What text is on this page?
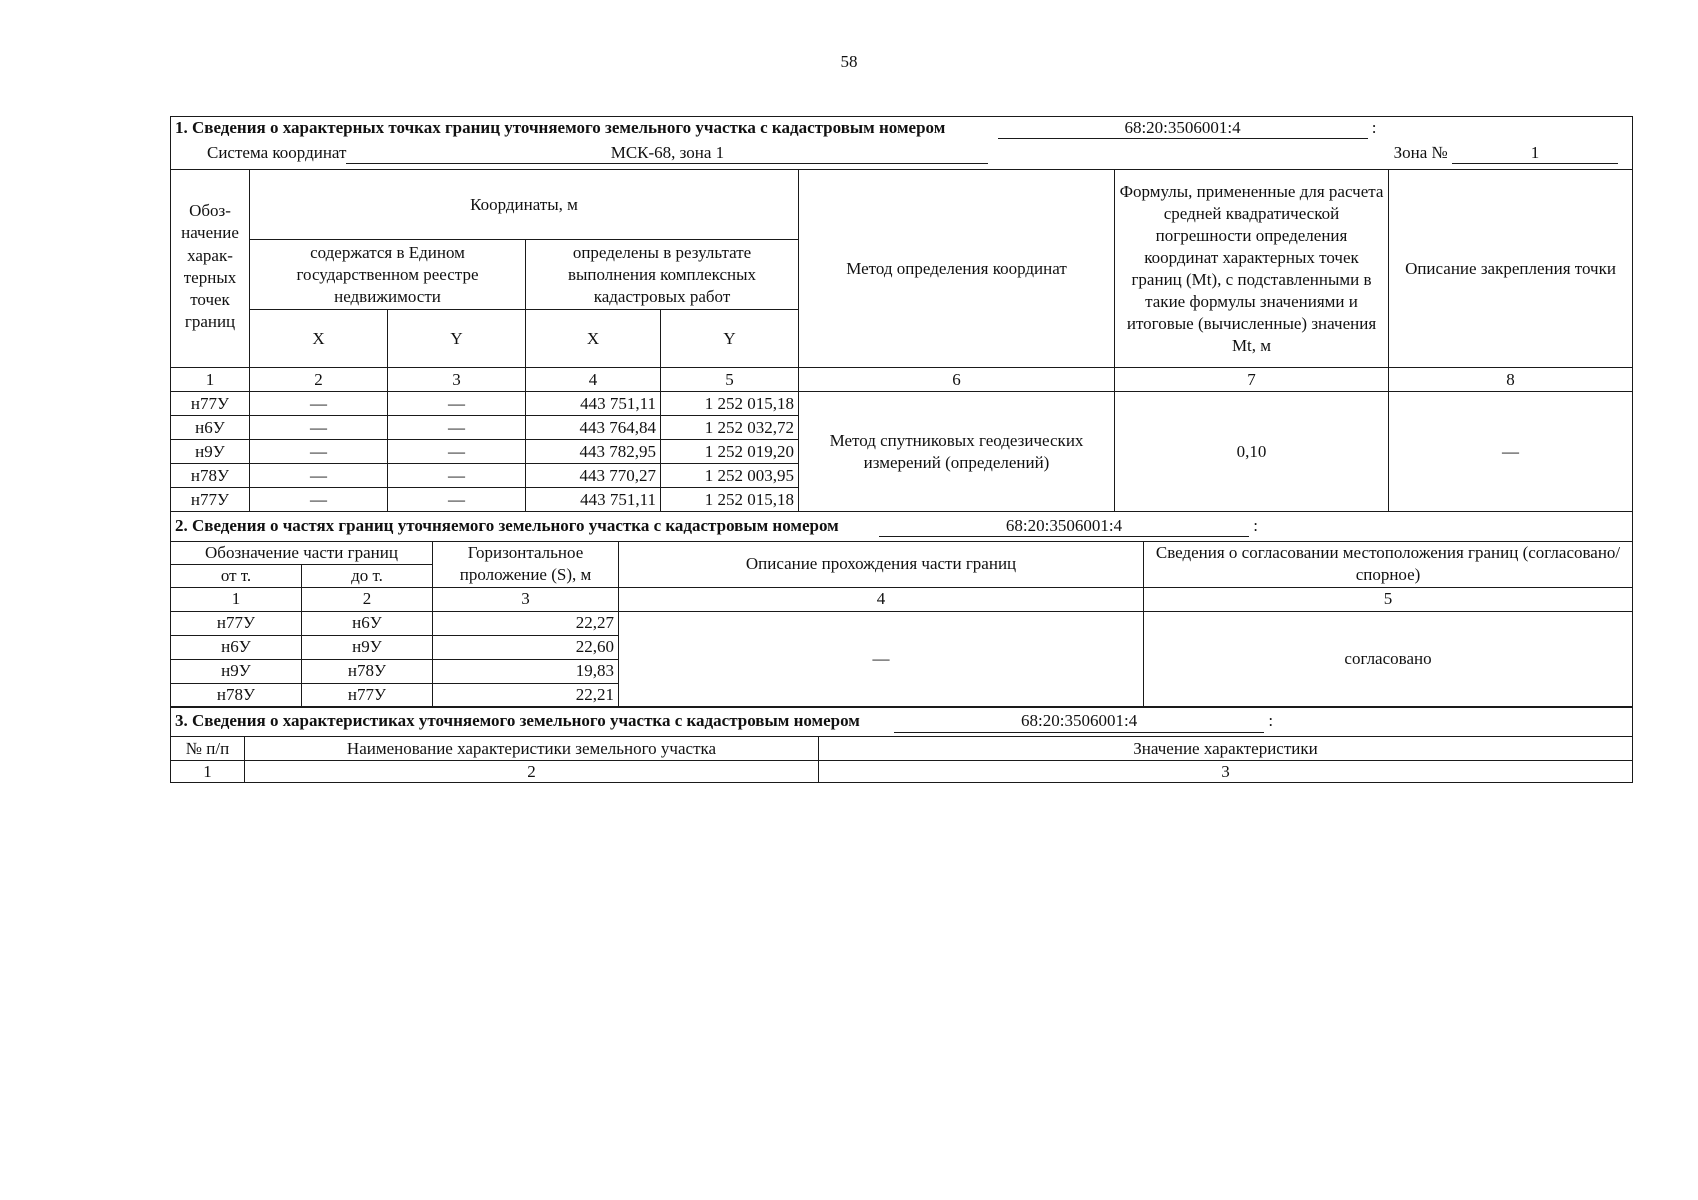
58
1. Сведения о характерных точках границ уточняемого земельного участка с кадастровым номером 68:20:3506001:4 :							
Система координат МСК-68, зона 1 Зона № 1							

Обоз-начение харак-терных точек границ	Координаты, м				Метод определения координат	Формулы, примененные для расчета средней квадратической погрешности определения координат характерных точек границ (Mt), с подставленными в такие формулы значениями и итоговые (вычисленные) значения Mt, м	Описание закрепления точки
	содержатся в Едином государственном реестре недвижимости		определены в результате выполнения комплексных кадастровых работ				
	X	Y	X	Y			
1	2	3	4	5	6	7	8
н77У	—	—	443 751,11	1 252 015,18	Метод спутниковых геодезических измерений (определений)	0,10	—
н6У	—	—	443 764,84	1 252 032,72			
н9У	—	—	443 782,95	1 252 019,20			
н78У	—	—	443 770,27	1 252 003,95			
н77У	—	—	443 751,11	1 252 015,18			
2. Сведения о частях границ уточняемого земельного участка с кадастровым номером 68:20:3506001:4 :				
Обозначение части границ		Горизонтальное проложение (S), м	Описание прохождения части границ	Сведения о согласовании местоположения границ (согласовано/спорное)
от т.	до т.			
1	2	3	4	5
н77У	н6У	22,27	—	согласовано
н6У	н9У	22,60		
н9У	н78У	19,83		
н78У	н77У	22,21		
3. Сведения о характеристиках уточняемого земельного участка с кадастровым номером 68:20:3506001:4 :		
№ п/п	Наименование характеристики земельного участка	Значение характеристики
1	2	3
